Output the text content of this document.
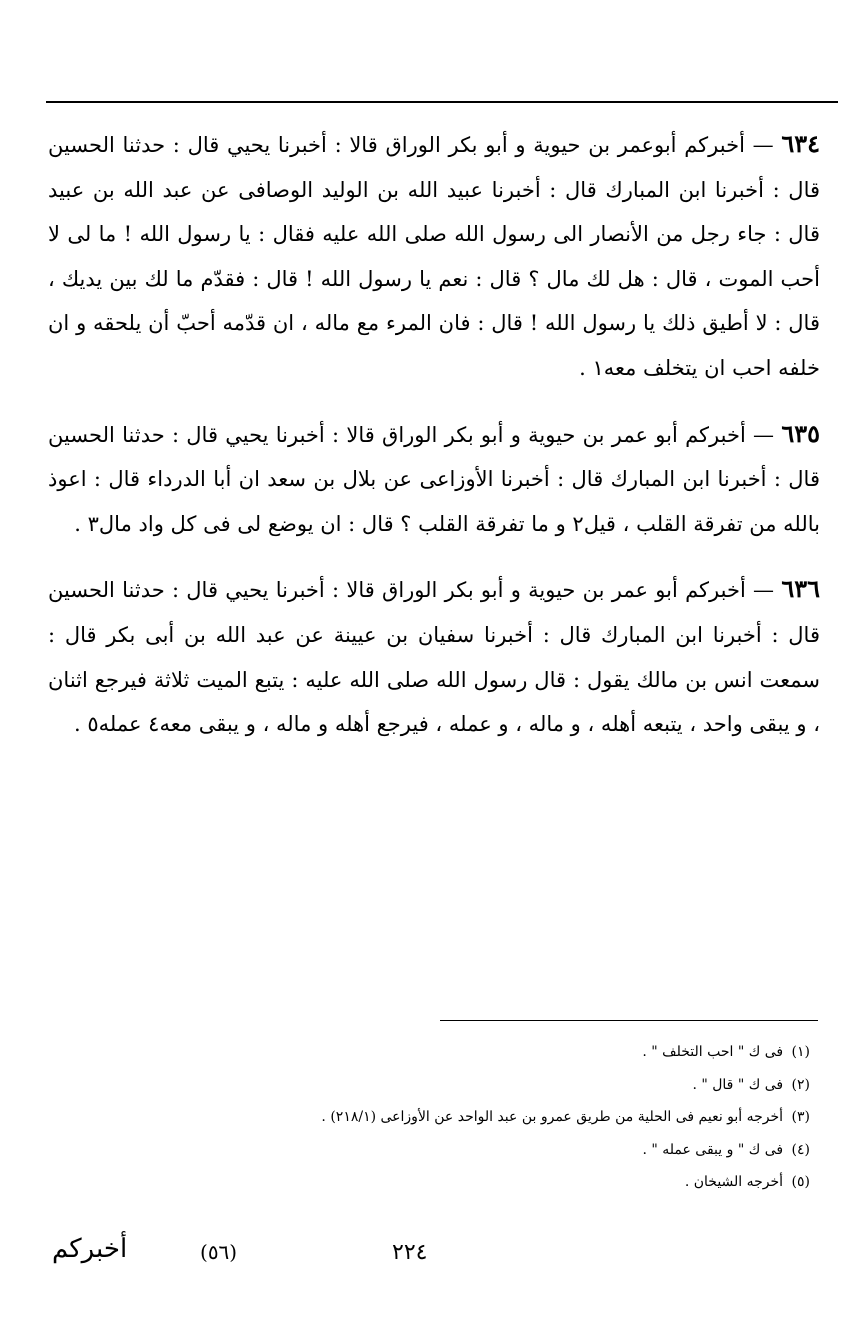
٦٣٤ — أخبركم أبوعمر بن حيوية و أبو بكر الوراق قالا : أخبرنا يحيي قال : حدثنا الحسين قال : أخبرنا ابن المبارك قال : أخبرنا عبيد الله بن الوليد الوصافى عن عبد الله بن عبيد قال : جاء رجل من الأنصار الى رسول الله صلى الله عليه فقال : يا رسول الله ! ما لى لا أحب الموت ، قال : هل لك مال ؟ قال : نعم يا رسول الله ! قال : فقدّم ما لك بين يديك ، قال : لا أطيق ذلك يا رسول الله ! قال : فان المرء مع ماله ، ان قدّمه أحبّ أن يلحقه و ان خلفه احب ان يتخلف معه١ .

٦٣٥ — أخبركم أبو عمر بن حيوية و أبو بكر الوراق قالا : أخبرنا يحيي قال : حدثنا الحسين قال : أخبرنا ابن المبارك قال : أخبرنا الأوزاعى عن بلال بن سعد ان أبا الدرداء قال : اعوذ بالله من تفرقة القلب ، قيل٢ و ما تفرقة القلب ؟ قال : ان يوضع لى فى كل واد مال٣ .

٦٣٦ — أخبركم أبو عمر بن حيوية و أبو بكر الوراق قالا : أخبرنا يحيي قال : حدثنا الحسين قال : أخبرنا ابن المبارك قال : أخبرنا سفيان بن عيينة عن عبد الله بن أبى بكر قال : سمعت انس بن مالك يقول : قال رسول الله صلى الله عليه : يتبع الميت ثلاثة فيرجع اثنان ، و يبقى واحد ، يتبعه أهله ، و ماله ، و عمله ، فيرجع أهله و ماله ، و يبقى معه٤ عمله٥ .

(١) فى ك " احب التخلف " .
(٢) فى ك " قال " .
(٣) أخرجه أبو نعيم فى الحلية من طريق عمرو بن عبد الواحد عن الأوزاعى (٢١٨/١) .
(٤) فى ك " و يبقى عمله " .
(٥) أخرجه الشيخان .
٢٢٤
(٥٦)
أخبركم
